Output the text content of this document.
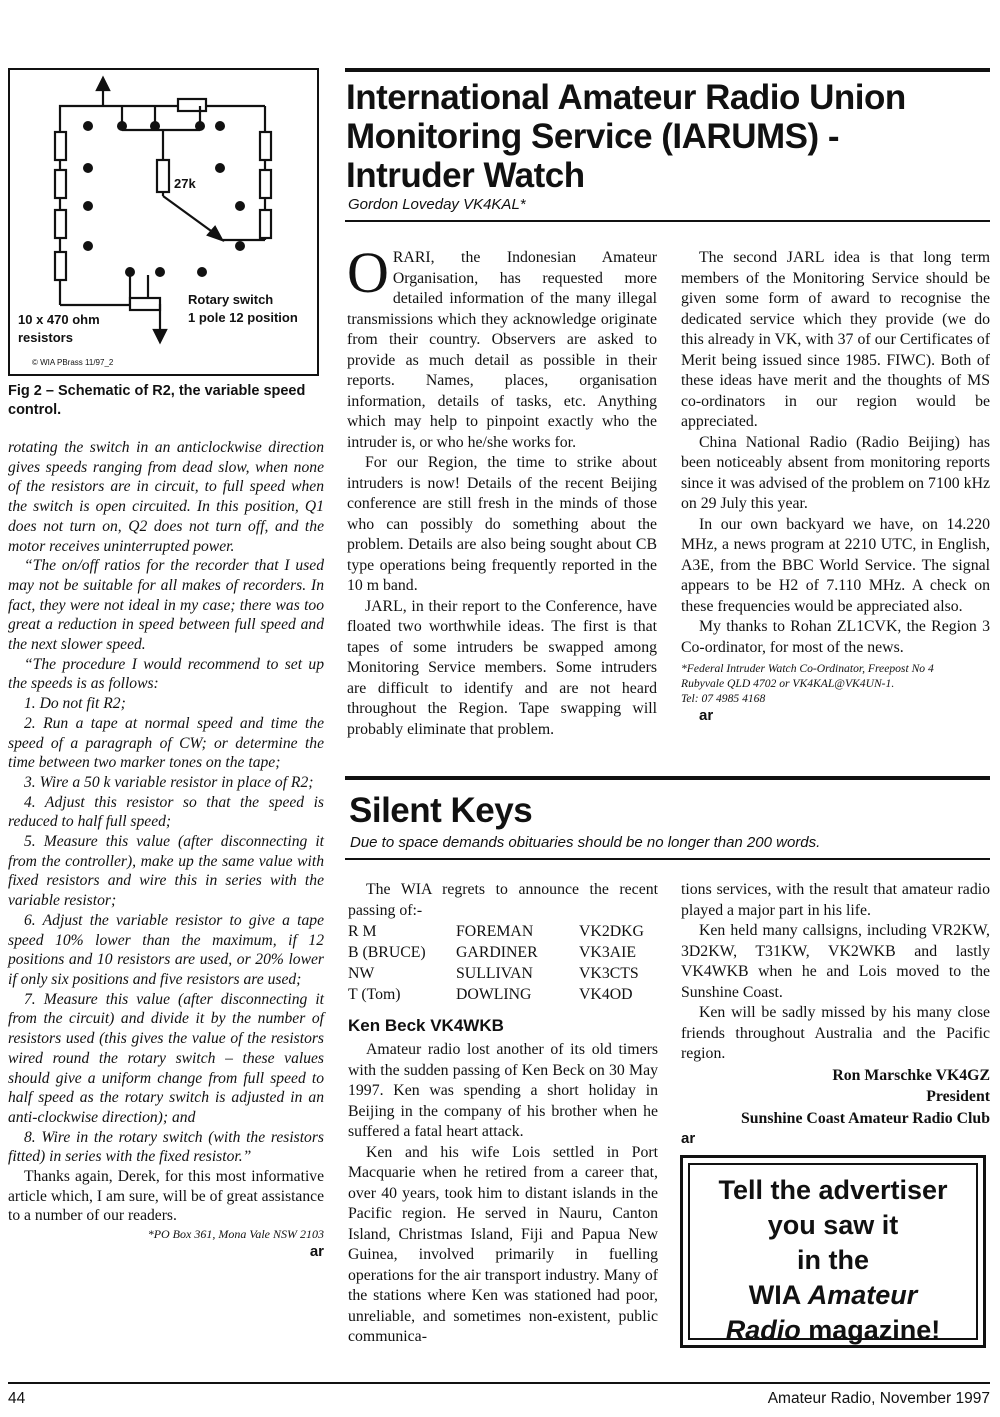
27k
Rotary switch
1 pole 12 position
10 x 470 ohm
resistors
© WIA PBrass 11/97_2
Fig 2 – Schematic of R2, the variable speed control.

rotating the switch in an anticlockwise direction gives speeds ranging from dead slow, when none of the resistors are in circuit, to full speed when the switch is open circuited. In this position, Q1 does not turn on, Q2 does not turn off, and the motor receives uninterrupted power.

“The on/off ratios for the recorder that I used may not be suitable for all makes of recorders. In fact, they were not ideal in my case; there was too great a reduction in speed between full speed and the next slower speed.

“The procedure I would recommend to set up the speeds is as follows:

1. Do not fit R2;

2. Run a tape at normal speed and time the speed of a paragraph of CW; or determine the time between two marker tones on the tape;

3. Wire a 50 k variable resistor in place of R2;

4. Adjust this resistor so that the speed is reduced to half full speed;

5. Measure this value (after disconnecting it from the controller), make up the same value with fixed resistors and wire this in series with the variable resistor;

6. Adjust the variable resistor to give a tape speed 10% lower than the maximum, if 12 positions and 10 resistors are used, or 20% lower if only six positions and five resistors are used;

7. Measure this value (after disconnecting it from the circuit) and divide it by the number of resistors used (this gives the value of the resistors wired round the rotary switch – these values should give a uniform change from full speed to half speed as the rotary switch is adjusted in an anti-clockwise direction); and

8. Wire in the rotary switch (with the resistors fitted) in series with the fixed resistor.”

Thanks again, Derek, for this most informative article which, I am sure, will be of great assistance to a number of our readers.

*PO Box 361, Mona Vale NSW 2103

ar

International Amateur Radio Union
Monitoring Service (IARUMS) -
Intruder Watch
Gordon Loveday VK4KAL*

ORARI, the Indonesian Amateur Organisation, has requested more detailed information of the many illegal transmissions which they acknowledge originate from their country. Observers are asked to provide as much detail as possible in their reports. Names, places, organisation information, details of tasks, etc. Anything which may help to pinpoint exactly who the intruder is, or who he/she works for.

For our Region, the time to strike about intruders is now! Details of the recent Beijing conference are still fresh in the minds of those who can possibly do something about the problem. Details are also being sought about CB type operations being frequently reported in the 10 m band.

JARL, in their report to the Conference, have floated two worthwhile ideas. The first is that tapes of some intruders be swapped among Monitoring Service members. Some intruders are difficult to identify and are not heard throughout the Region. Tape swapping will probably eliminate that problem.

The second JARL idea is that long term members of the Monitoring Service should be given some form of award to recognise the dedicated service which they provide (we do this already in VK, with 37 of our Certificates of Merit being issued since 1985. FIWC). Both of these ideas have merit and the thoughts of MS co-ordinators in our region would be appreciated.

China National Radio (Radio Beijing) has been noticeably absent from monitoring reports since it was advised of the problem on 7100 kHz on 29 July this year.

In our own backyard we have, on 14.220 MHz, a news program at 2210 UTC, in English, A3E, from the BBC World Service. The signal appears to be H2 of 7.110 MHz. A check on these frequencies would be appreciated also.

My thanks to Rohan ZL1CVK, the Region 3 Co-ordinator, for most of the news.

*Federal Intruder Watch Co-Ordinator, Freepost No 4

Rubyvale QLD 4702 or VK4KAL@VK4UN-1.

Tel: 07 4985 4168

ar

Silent Keys
Due to space demands obituaries should be no longer than 200 words.

The WIA regrets to announce the recent passing of:-

R M	FOREMAN	VK2DKG
B (BRUCE)	GARDINER	VK3AIE
NW	SULLIVAN	VK3CTS
T (Tom)	DOWLING	VK4OD
Ken Beck VK4WKB

Amateur radio lost another of its old timers with the sudden passing of Ken Beck on 30 May 1997. Ken was spending a short holiday in Beijing in the company of his brother when he suffered a fatal heart attack.

Ken and his wife Lois settled in Port Macquarie when he retired from a career that, over 40 years, took him to distant islands in the Pacific region. He served in Nauru, Canton Island, Christmas Island, Fiji and Papua New Guinea, involved primarily in fuelling operations for the air transport industry. Many of the stations where Ken was stationed had poor, unreliable, and sometimes non-existent, public communica-

tions services, with the result that amateur radio played a major part in his life.

Ken held many callsigns, including VR2KW, 3D2KW, T31KW, VK2WKB and lastly VK4WKB when he and Lois moved to the Sunshine Coast.

Ken will be sadly missed by his many close friends throughout Australia and the Pacific region.

Ron Marschke VK4GZ
President
Sunshine Coast Amateur Radio Club

ar

Tell the advertiser
you saw it
in the
WIA Amateur
Radio magazine!
44	Amateur Radio, November 1997
